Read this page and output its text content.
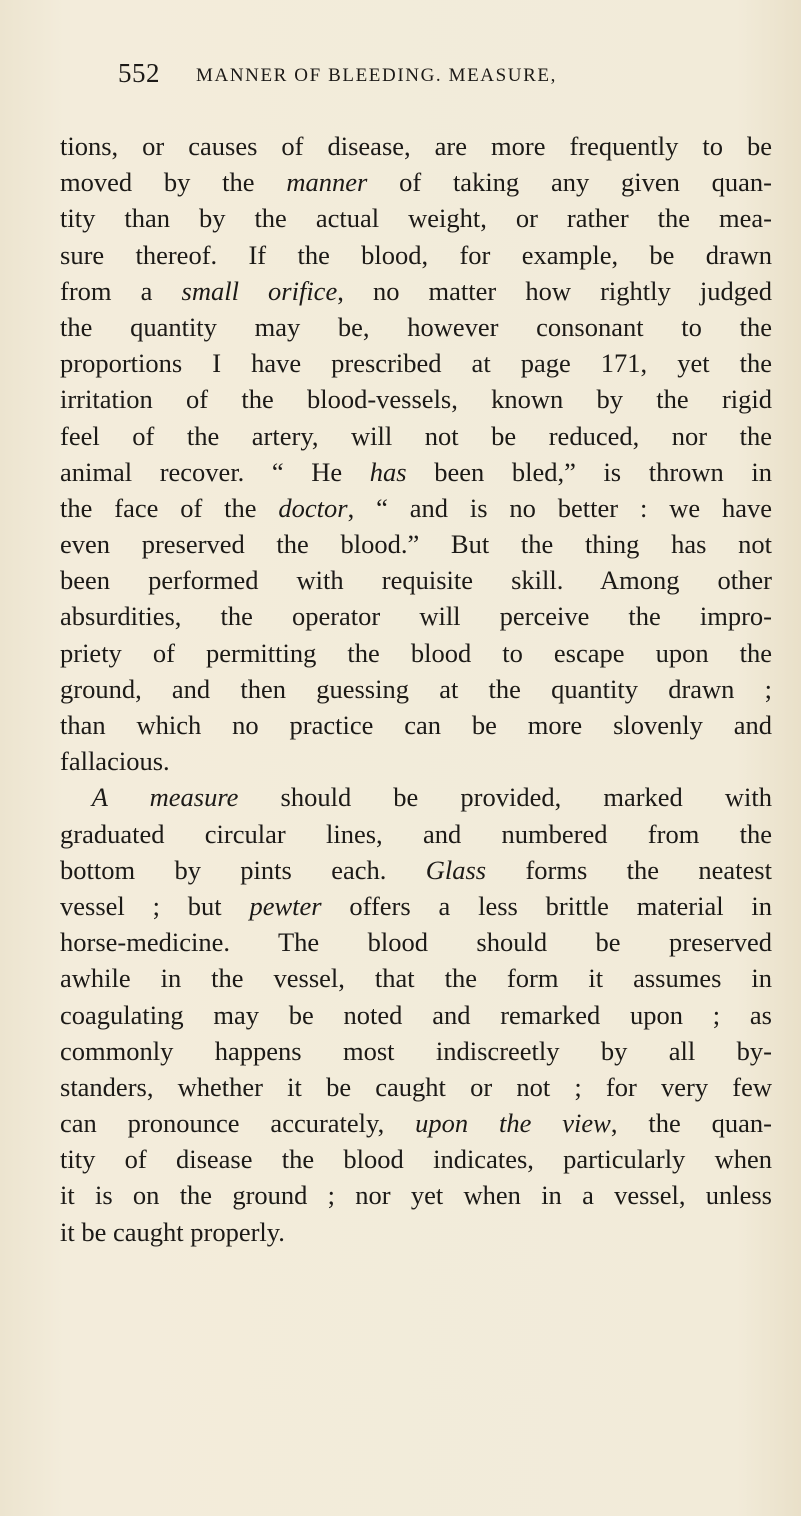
552 MANNER OF BLEEDING. MEASURE,
tions, or causes of disease, are more frequently to be
moved by the manner of taking any given quan-
tity than by the actual weight, or rather the mea-
sure thereof. If the blood, for example, be drawn
from a small orifice, no matter how rightly judged
the quantity may be, however consonant to the
proportions I have prescribed at page 171, yet the
irritation of the blood-vessels, known by the rigid
feel of the artery, will not be reduced, nor the
animal recover. “ He has been bled,” is thrown in
the face of the doctor, “ and is no better : we have
even preserved the blood.” But the thing has not
been performed with requisite skill. Among other
absurdities, the operator will perceive the impro-
priety of permitting the blood to escape upon the
ground, and then guessing at the quantity drawn ;
than which no practice can be more slovenly and
fallacious.
A measure should be provided, marked with
graduated circular lines, and numbered from the
bottom by pints each. Glass forms the neatest
vessel ; but pewter offers a less brittle material in
horse-medicine. The blood should be preserved
awhile in the vessel, that the form it assumes in
coagulating may be noted and remarked upon ; as
commonly happens most indiscreetly by all by-
standers, whether it be caught or not ; for very few
can pronounce accurately, upon the view, the quan-
tity of disease the blood indicates, particularly when
it is on the ground ; nor yet when in a vessel, unless
it be caught properly.
